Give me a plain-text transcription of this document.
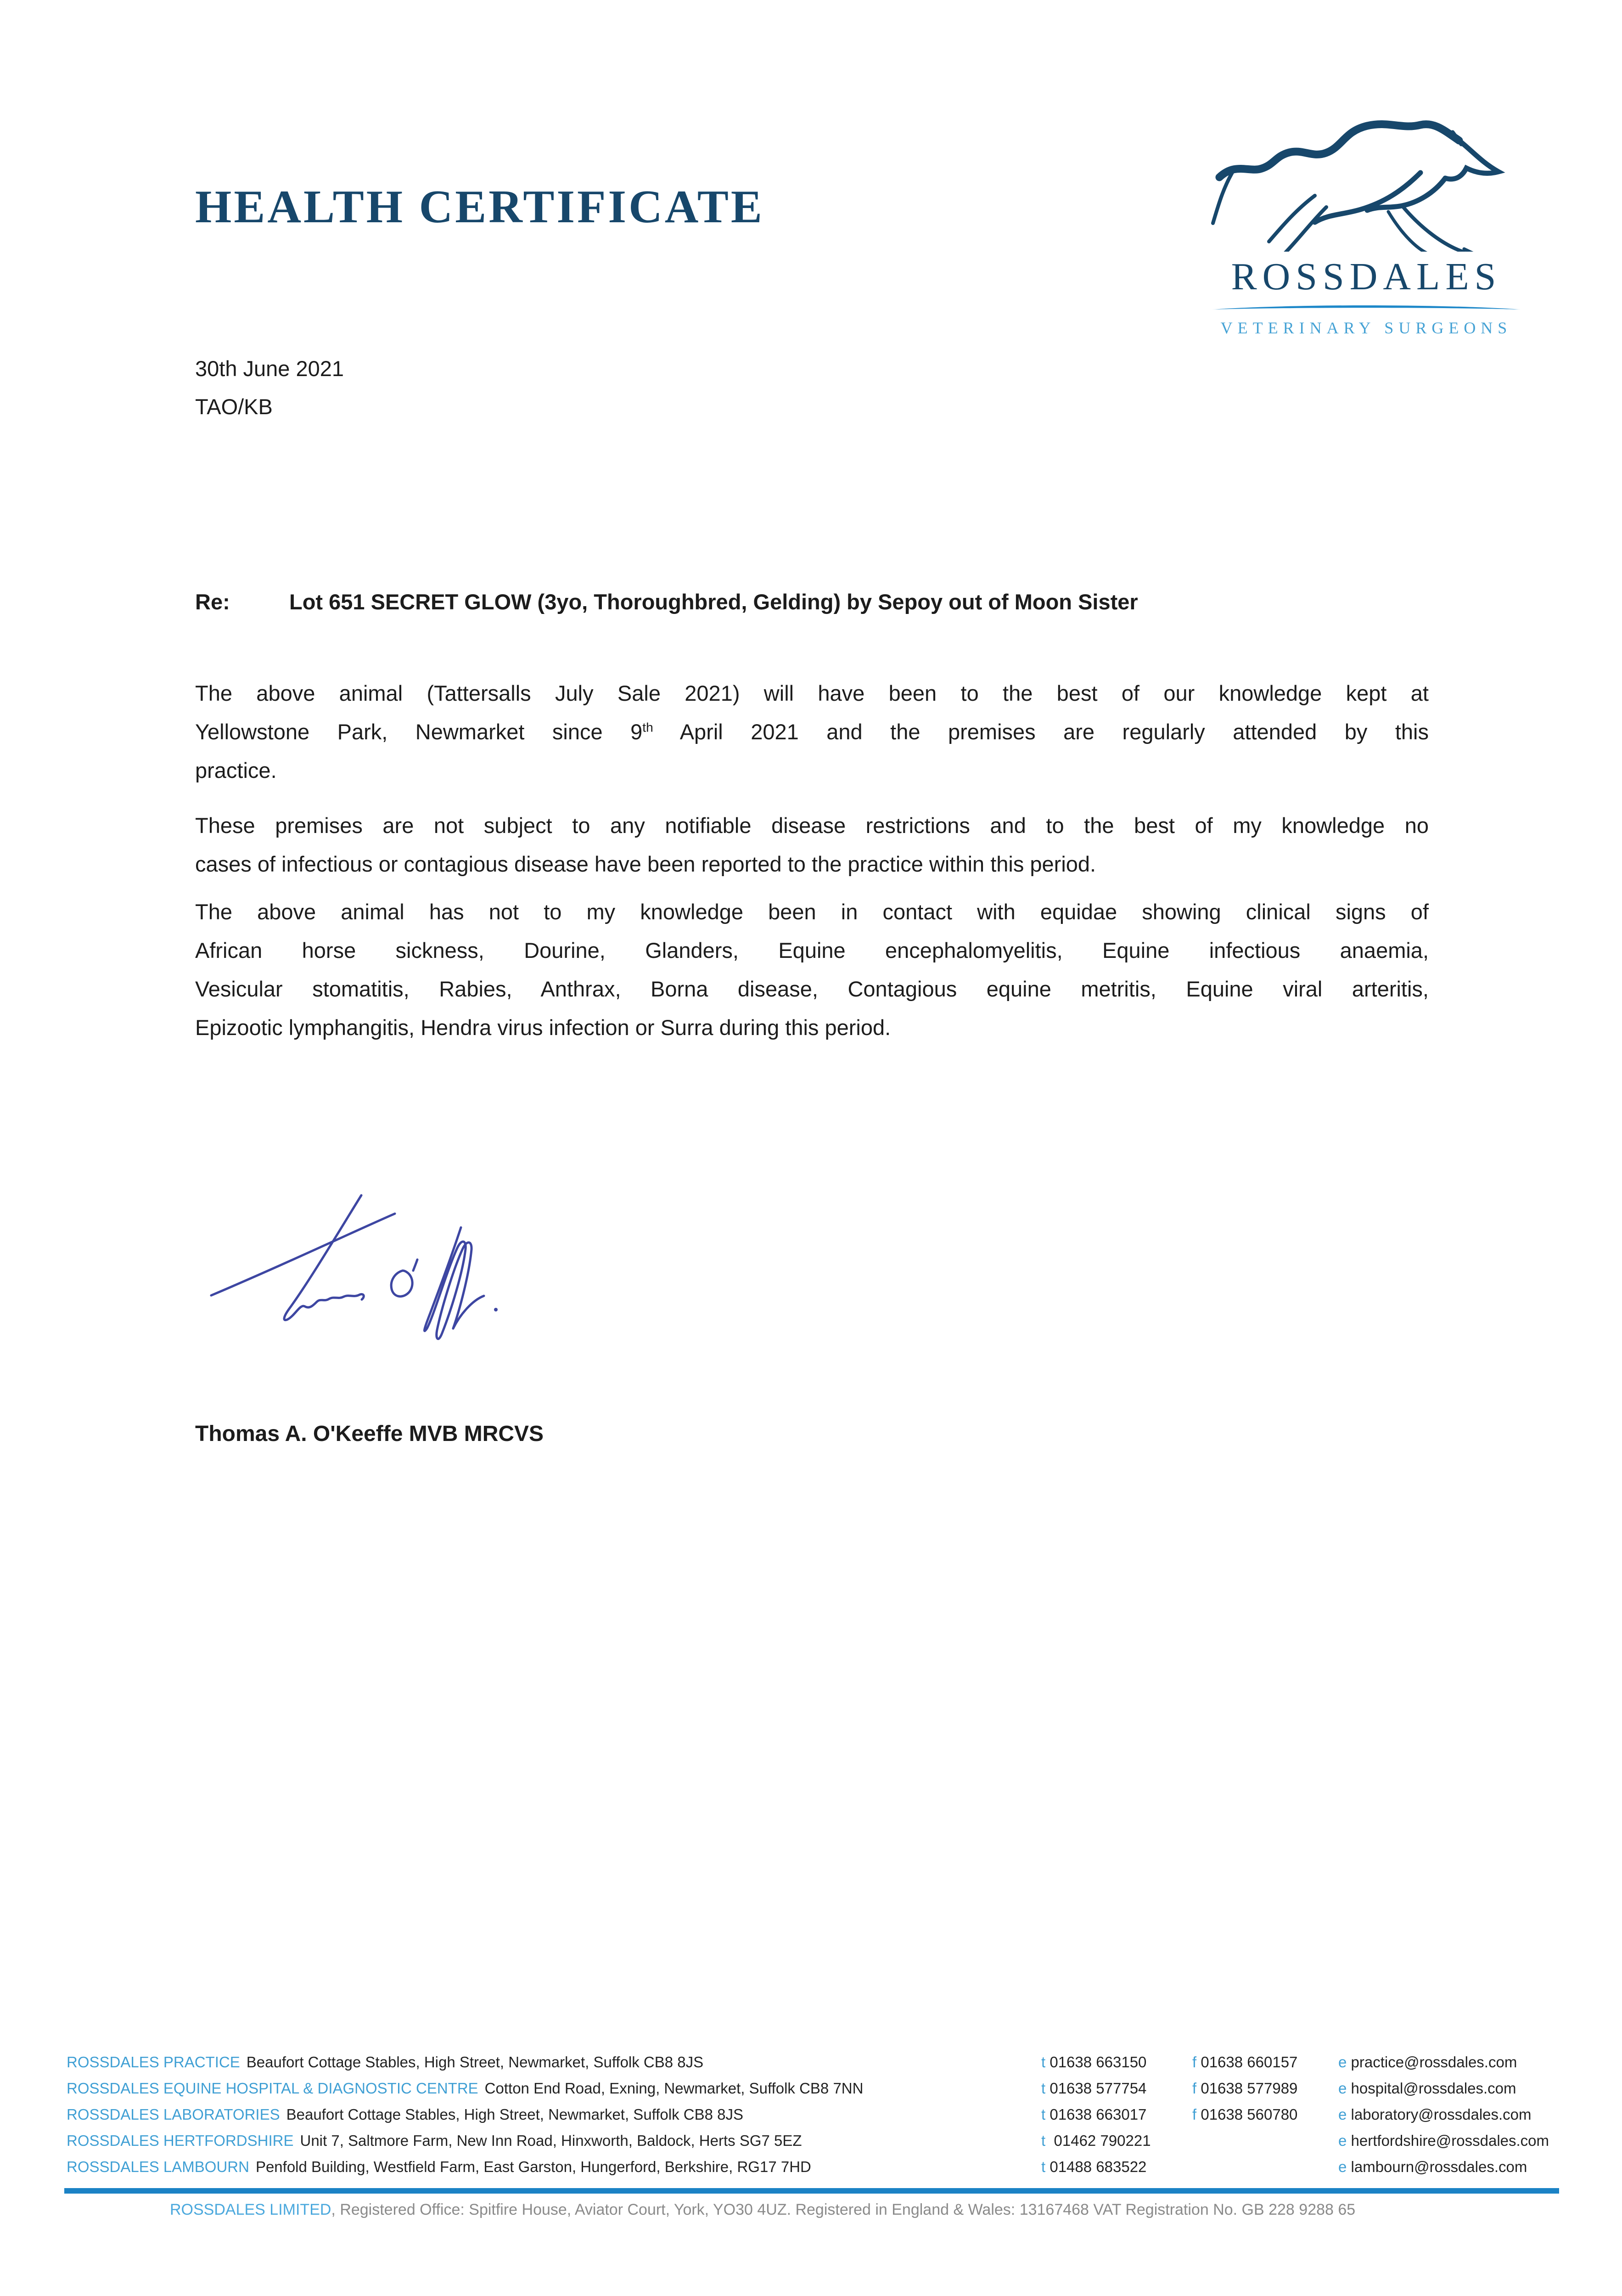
HEALTH CERTIFICATE
ROSSDALES
VETERINARY SURGEONS
30th June 2021
TAO/KB
Re:	Lot 651 SECRET GLOW (3yo, Thoroughbred, Gelding) by Sepoy out of Moon Sister
The above animal (Tattersalls July Sale 2021) will have been to the best of our knowledge kept at
Yellowstone Park, Newmarket since 9th April 2021 and the premises are regularly attended by this
practice.
These premises are not subject to any notifiable disease restrictions and to the best of my knowledge no
cases of infectious or contagious disease have been reported to the practice within this period.
The above animal has not to my knowledge been in contact with equidae showing clinical signs of
African horse sickness, Dourine, Glanders, Equine encephalomyelitis, Equine infectious anaemia,
Vesicular stomatitis, Rabies, Anthrax, Borna disease, Contagious equine metritis, Equine viral arteritis,
Epizootic lymphangitis, Hendra virus infection or Surra during this period.
Thomas A. O'Keeffe MVB MRCVS
ROSSDALES PRACTICE Beaufort Cottage Stables, High Street, Newmarket, Suffolk CB8 8JS	t 01638 663150	f 01638 660157	e practice@rossdales.com
ROSSDALES EQUINE HOSPITAL & DIAGNOSTIC CENTRE Cotton End Road, Exning, Newmarket, Suffolk CB8 7NN	t 01638 577754	f 01638 577989	e hospital@rossdales.com
ROSSDALES LABORATORIES Beaufort Cottage Stables, High Street, Newmarket, Suffolk CB8 8JS	t 01638 663017	f 01638 560780	e laboratory@rossdales.com
ROSSDALES HERTFORDSHIRE Unit 7, Saltmore Farm, New Inn Road, Hinxworth, Baldock, Herts SG7 5EZ	t 01462 790221	e hertfordshire@rossdales.com
ROSSDALES LAMBOURN Penfold Building, Westfield Farm, East Garston, Hungerford, Berkshire, RG17 7HD	t 01488 683522	e lambourn@rossdales.com
ROSSDALES LIMITED, Registered Office: Spitfire House, Aviator Court, York, YO30 4UZ. Registered in England & Wales: 13167468 VAT Registration No. GB 228 9288 65
